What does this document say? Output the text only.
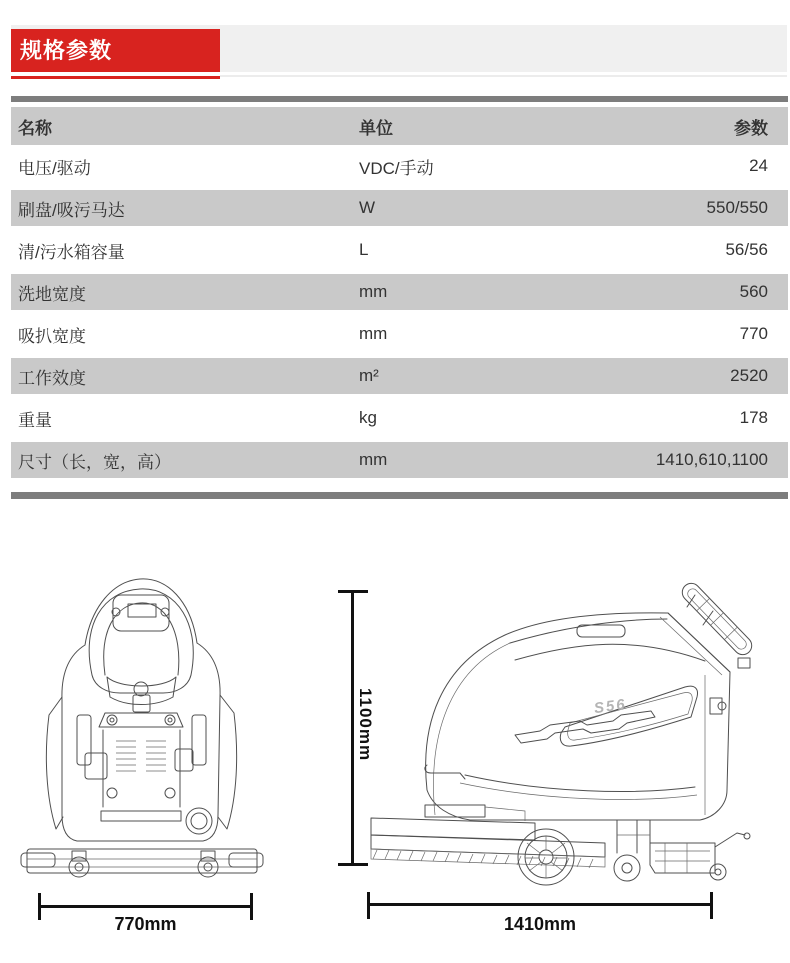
规格参数
名称	单位	参数
电压/驱动	VDC/手动	24
刷盘/吸污马达	W	550/550
清/污水箱容量	L	56/56
洗地宽度	mm	560
吸扒宽度	mm	770
工作效度	m²	2520
重量	kg	178
尺寸（长，宽，高）	mm	1410,610,1100
S56
1100mm
770mm	1410mm
